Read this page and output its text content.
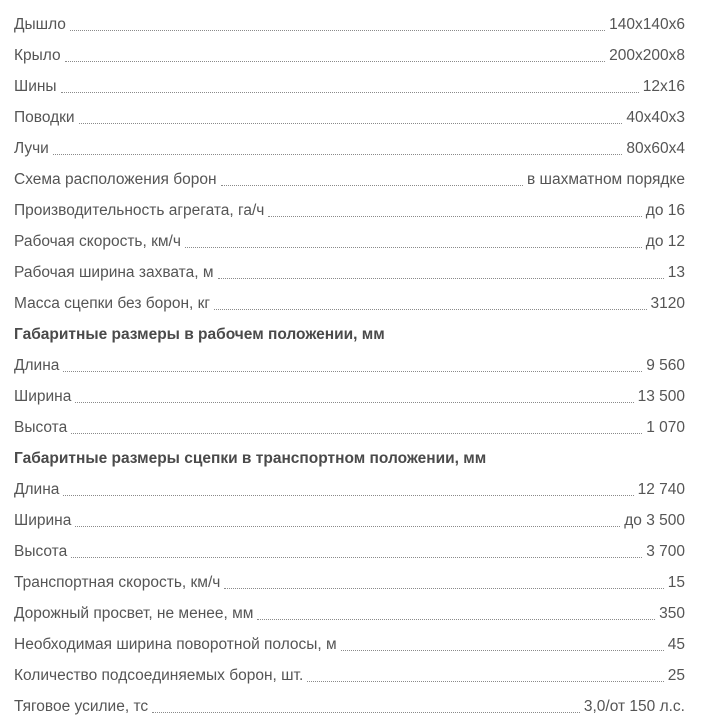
Дышло	140х140х6
Крыло	200х200х8
Шины	12х16
Поводки	40х40х3
Лучи	80х60х4
Схема расположения борон	в шахматном порядке
Производительность агрегата, га/ч	до 16
Рабочая скорость, км/ч	до 12
Рабочая ширина захвата, м	13
Масса сцепки без борон, кг	3120
Габаритные размеры в рабочем положении, мм
Длина	9 560
Ширина	13 500
Высота	1 070
Габаритные размеры сцепки в транспортном положении, мм
Длина	12 740
Ширина	до 3 500
Высота	3 700
Транспортная скорость, км/ч	15
Дорожный просвет, не менее, мм	350
Необходимая ширина поворотной полосы, м	45
Количество подсоединяемых борон, шт.	25
Тяговое усилие, тс	3,0/от 150 л.с.
